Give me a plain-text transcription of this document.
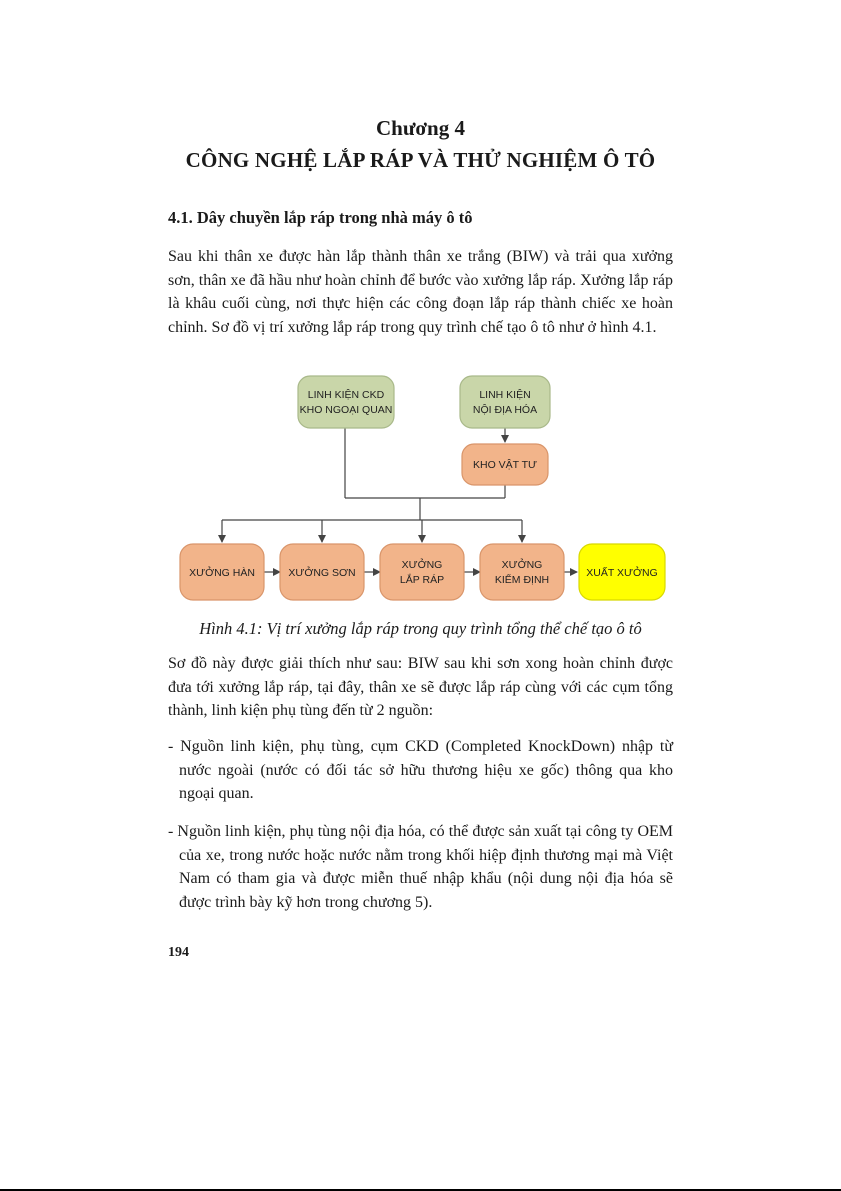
Chương 4
CÔNG NGHỆ LẮP RÁP VÀ THỬ NGHIỆM Ô TÔ
4.1. Dây chuyền lắp ráp trong nhà máy ô tô

Sau khi thân xe được hàn lắp thành thân xe trắng (BIW) và trải qua xưởng sơn, thân xe đã hầu như hoàn chỉnh để bước vào xưởng lắp ráp. Xưởng lắp ráp là khâu cuối cùng, nơi thực hiện các công đoạn lắp ráp thành chiếc xe hoàn chỉnh. Sơ đồ vị trí xưởng lắp ráp trong quy trình chế tạo ô tô như ở hình 4.1.

LINH KIỆN CKD
KHO NGOẠI QUAN
LINH KIỆN
NỘI ĐỊA HÓA
KHO VẬT TƯ
XƯỞNG HÀN	XƯỞNG SƠN
XƯỞNG
LẮP RÁP
XƯỞNG
KIỂM ĐỊNH
XUẤT XƯỞNG
Hình 4.1: Vị trí xưởng lắp ráp trong quy trình tổng thể chế tạo ô tô

Sơ đồ này được giải thích như sau: BIW sau khi sơn xong hoàn chỉnh được đưa tới xưởng lắp ráp, tại đây, thân xe sẽ được lắp ráp cùng với các cụm tổng thành, linh kiện phụ tùng đến từ 2 nguồn:

- Nguồn linh kiện, phụ tùng, cụm CKD (Completed KnockDown) nhập từ nước ngoài (nước có đối tác sở hữu thương hiệu xe gốc) thông qua kho ngoại quan.

- Nguồn linh kiện, phụ tùng nội địa hóa, có thể được sản xuất tại công ty OEM của xe, trong nước hoặc nước nằm trong khối hiệp định thương mại mà Việt Nam có tham gia và được miễn thuế nhập khẩu (nội dung nội địa hóa sẽ được trình bày kỹ hơn trong chương 5).

194
